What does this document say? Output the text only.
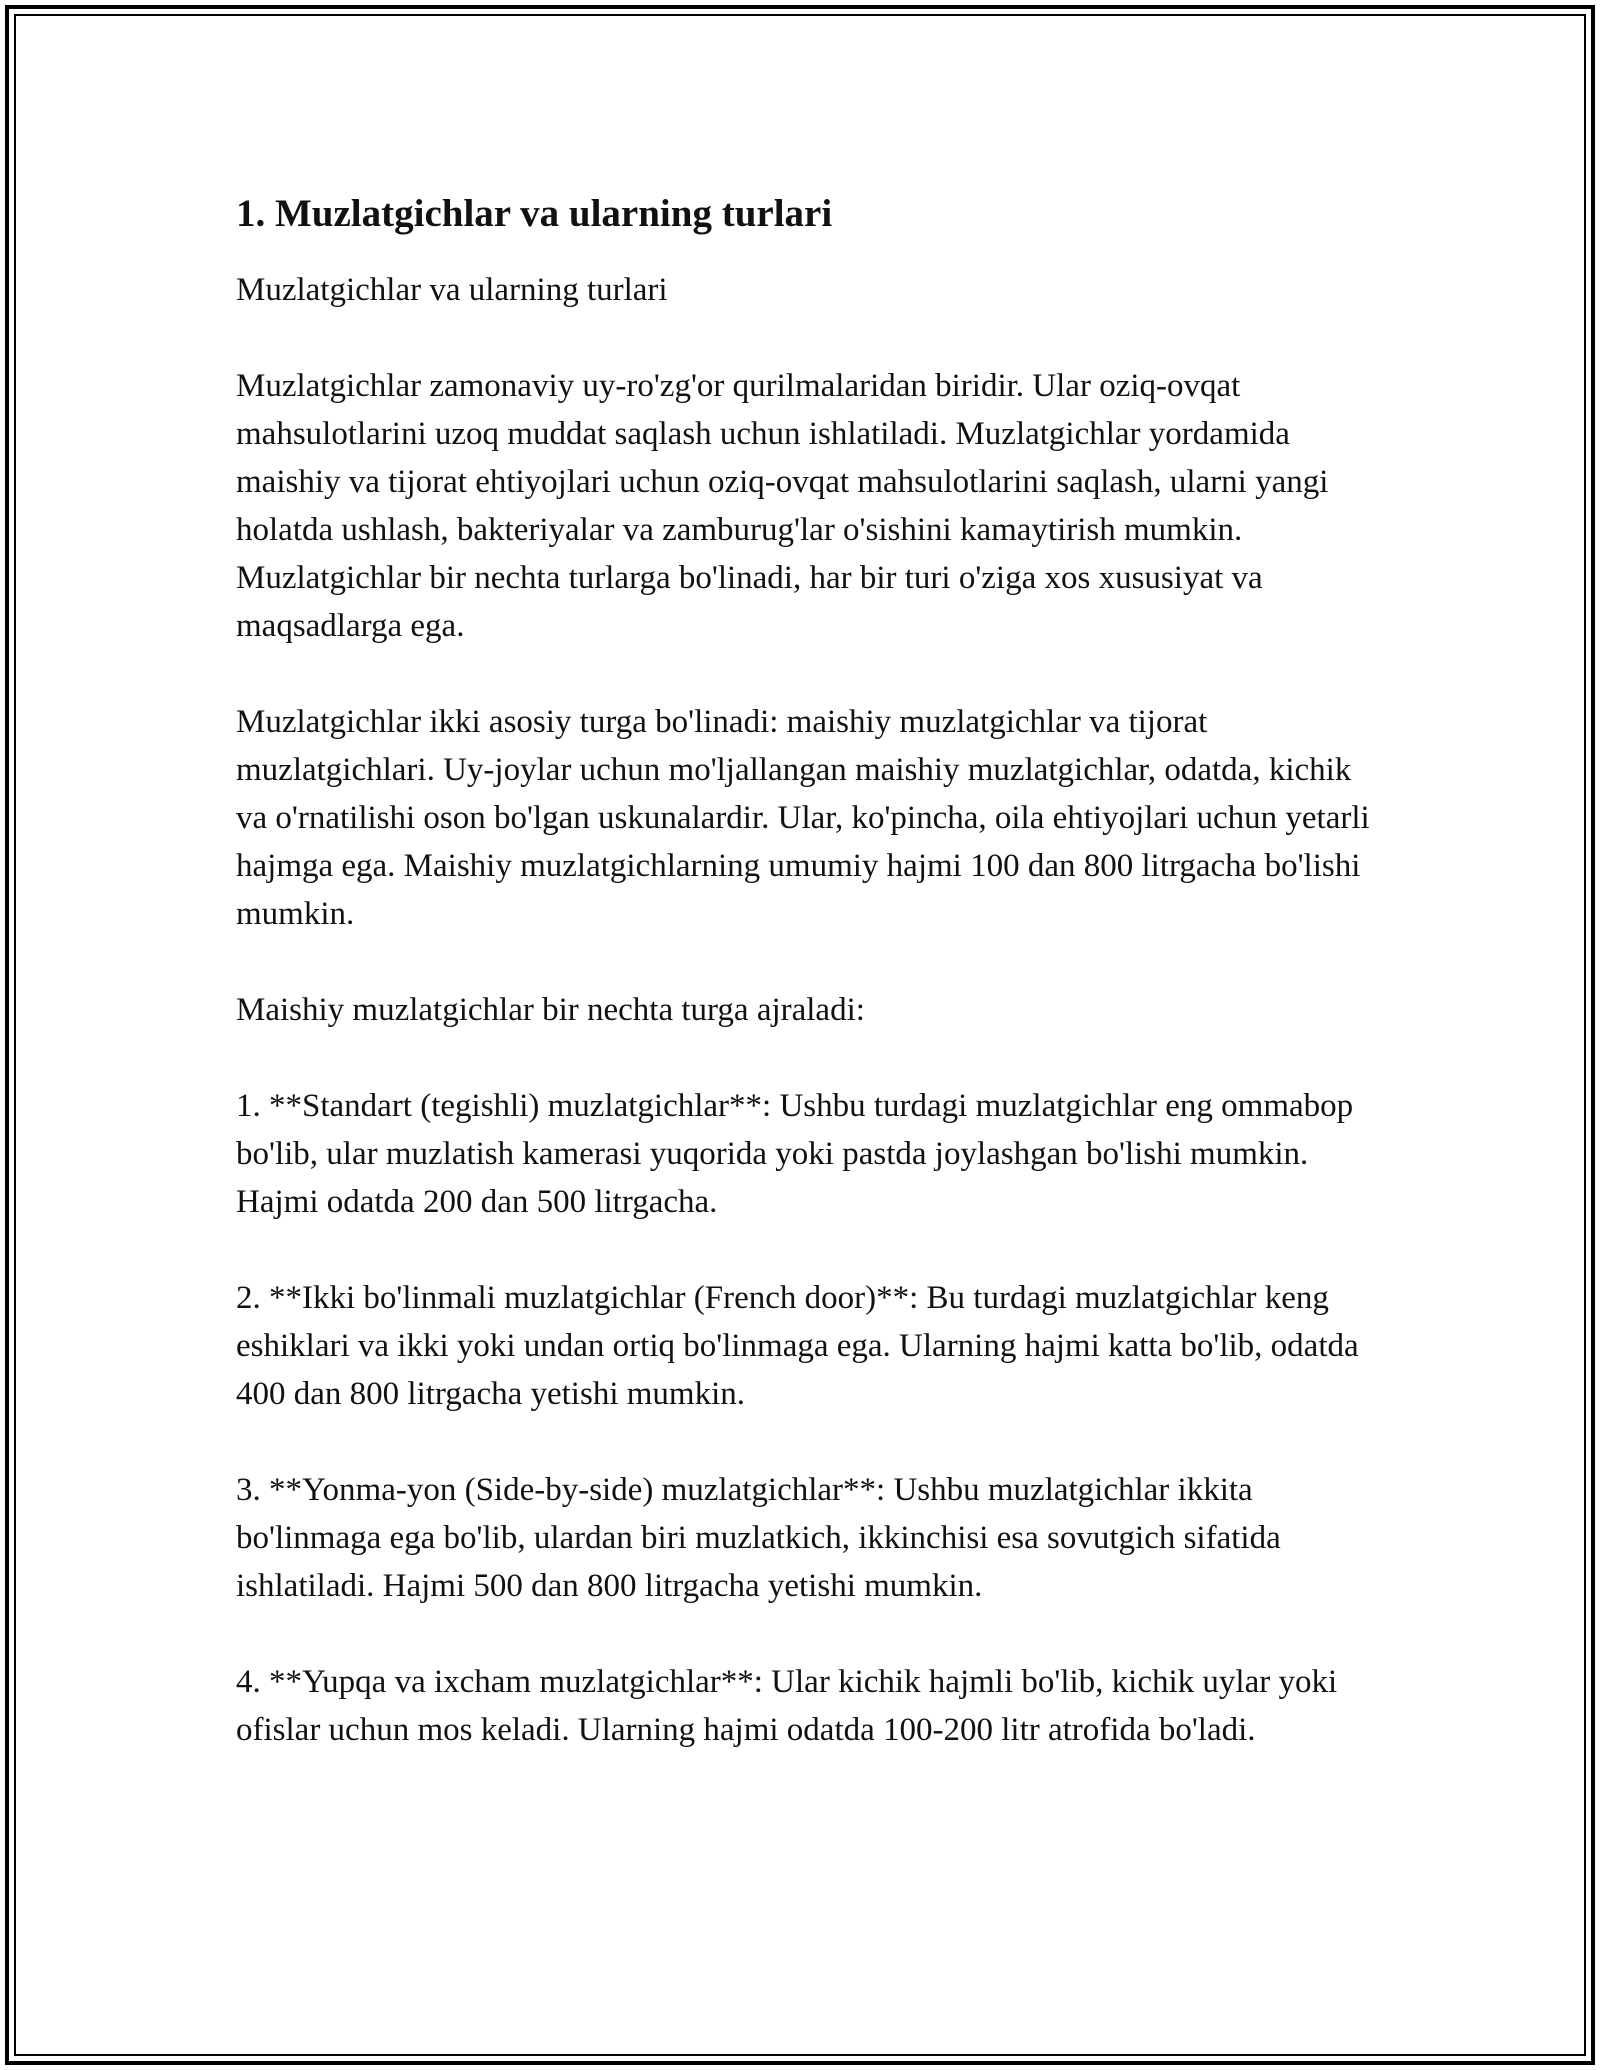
1. Muzlatgichlar va ularning turlari

Muzlatgichlar va ularning turlari

Muzlatgichlar zamonaviy uy-ro'zg'or qurilmalaridan biridir. Ular oziq-ovqat mahsulotlarini uzoq muddat saqlash uchun ishlatiladi. Muzlatgichlar yordamida maishiy va tijorat ehtiyojlari uchun oziq-ovqat mahsulotlarini saqlash, ularni yangi holatda ushlash, bakteriyalar va zamburug'lar o'sishini kamaytirish mumkin. Muzlatgichlar bir nechta turlarga bo'linadi, har bir turi o'ziga xos xususiyat va maqsadlarga ega.

Muzlatgichlar ikki asosiy turga bo'linadi: maishiy muzlatgichlar va tijorat muzlatgichlari. Uy-joylar uchun mo'ljallangan maishiy muzlatgichlar, odatda, kichik va o'rnatilishi oson bo'lgan uskunalardir. Ular, ko'pincha, oila ehtiyojlari uchun yetarli hajmga ega. Maishiy muzlatgichlarning umumiy hajmi 100 dan 800 litrgacha bo'lishi mumkin.

Maishiy muzlatgichlar bir nechta turga ajraladi:

1. **Standart (tegishli) muzlatgichlar**: Ushbu turdagi muzlatgichlar eng ommabop bo'lib, ular muzlatish kamerasi yuqorida yoki pastda joylashgan bo'lishi mumkin. Hajmi odatda 200 dan 500 litrgacha.

2. **Ikki bo'linmali muzlatgichlar (French door)**: Bu turdagi muzlatgichlar keng eshiklari va ikki yoki undan ortiq bo'linmaga ega. Ularning hajmi katta bo'lib, odatda 400 dan 800 litrgacha yetishi mumkin.

3. **Yonma-yon (Side-by-side) muzlatgichlar**: Ushbu muzlatgichlar ikkita bo'linmaga ega bo'lib, ulardan biri muzlatkich, ikkinchisi esa sovutgich sifatida ishlatiladi. Hajmi 500 dan 800 litrgacha yetishi mumkin.

4. **Yupqa va ixcham muzlatgichlar**: Ular kichik hajmli bo'lib, kichik uylar yoki ofislar uchun mos keladi. Ularning hajmi odatda 100-200 litr atrofida bo'ladi.
